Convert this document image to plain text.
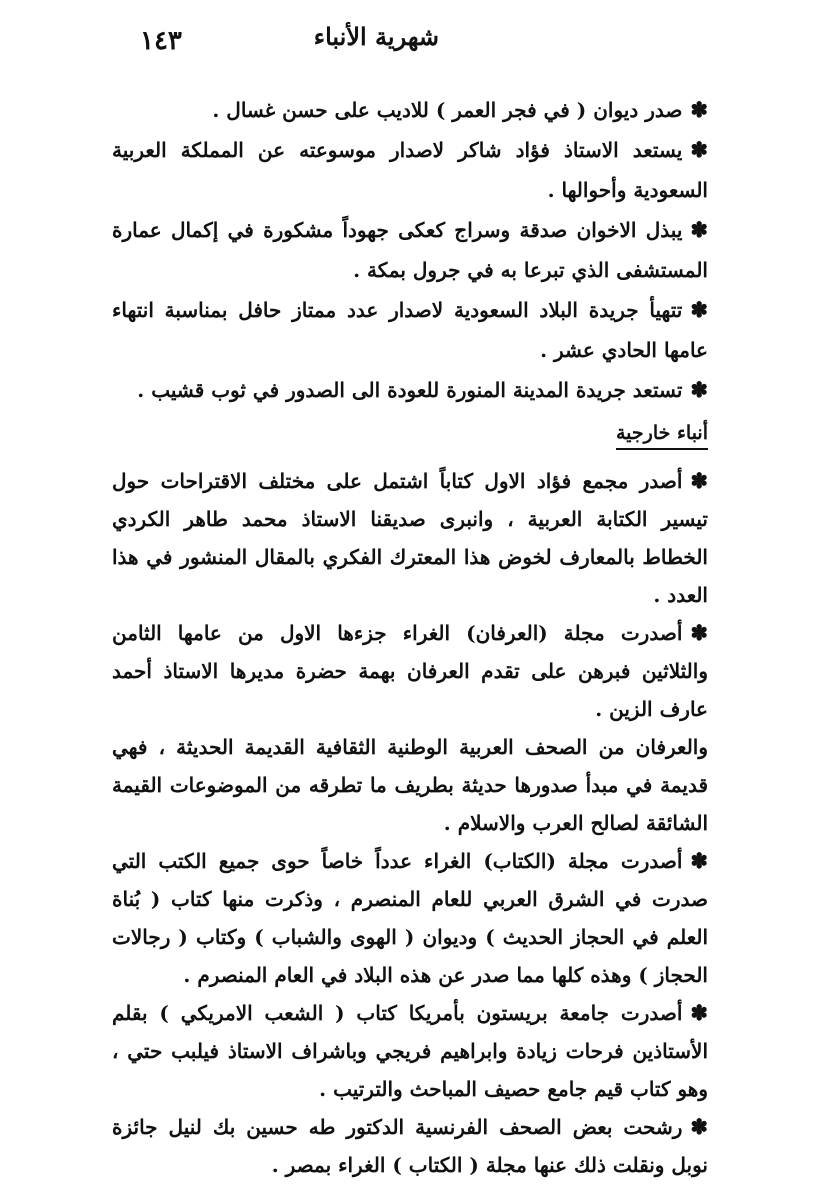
شهرية الأنباء
١٤٣

✽ صدر ديوان ( في فجر العمر ) للاديب على حسن غسال .

✽ يستعد الاستاذ فؤاد شاكر لاصدار موسوعته عن المملكة العربية السعودية وأحوالها .

✽ يبذل الاخوان صدقة وسراج كعكى جهوداً مشكورة في إكمال عمارة المستشفى الذي تبرعا به في جرول بمكة .

✽ تتهيأ جريدة البلاد السعودية لاصدار عدد ممتاز حافل بمناسبة انتهاء عامها الحادي عشر .

✽ تستعد جريدة المدينة المنورة للعودة الى الصدور في ثوب قشيب .

أنباء خارجية

✽ أصدر مجمع فؤاد الاول كتاباً اشتمل على مختلف الاقتراحات حول تيسير الكتابة العربية ، وانبرى صديقنا الاستاذ محمد طاهر الكردي الخطاط بالمعارف لخوض هذا المعترك الفكري بالمقال المنشور في هذا العدد .

✽ أصدرت مجلة (العرفان) الغراء جزءها الاول من عامها الثامن والثلاثين فبرهن على تقدم العرفان بهمة حضرة مديرها الاستاذ أحمد عارف الزين .

والعرفان من الصحف العربية الوطنية الثقافية القديمة الحديثة ، فهي قديمة في مبدأ صدورها حديثة بطريف ما تطرقه من الموضوعات القيمة الشائقة لصالح العرب والاسلام .

✽ أصدرت مجلة (الكتاب) الغراء عدداً خاصاً حوى جميع الكتب التي صدرت في الشرق العربي للعام المنصرم ، وذكرت منها كتاب ( بُناة العلم في الحجاز الحديث ) وديوان ( الهوى والشباب ) وكتاب ( رجالات الحجاز ) وهذه كلها مما صدر عن هذه البلاد في العام المنصرم .

✽ أصدرت جامعة بريستون بأمريكا كتاب ( الشعب الامريكي ) بقلم الأستاذين فرحات زيادة وابراهيم فريجي وباشراف الاستاذ فيلبب حتي ، وهو كتاب قيم جامع حصيف المباحث والترتيب .

✽ رشحت بعض الصحف الفرنسية الدكتور طه حسين بك لنيل جائزة نوبل ونقلت ذلك عنها مجلة ( الكتاب ) الغراء بمصر .
